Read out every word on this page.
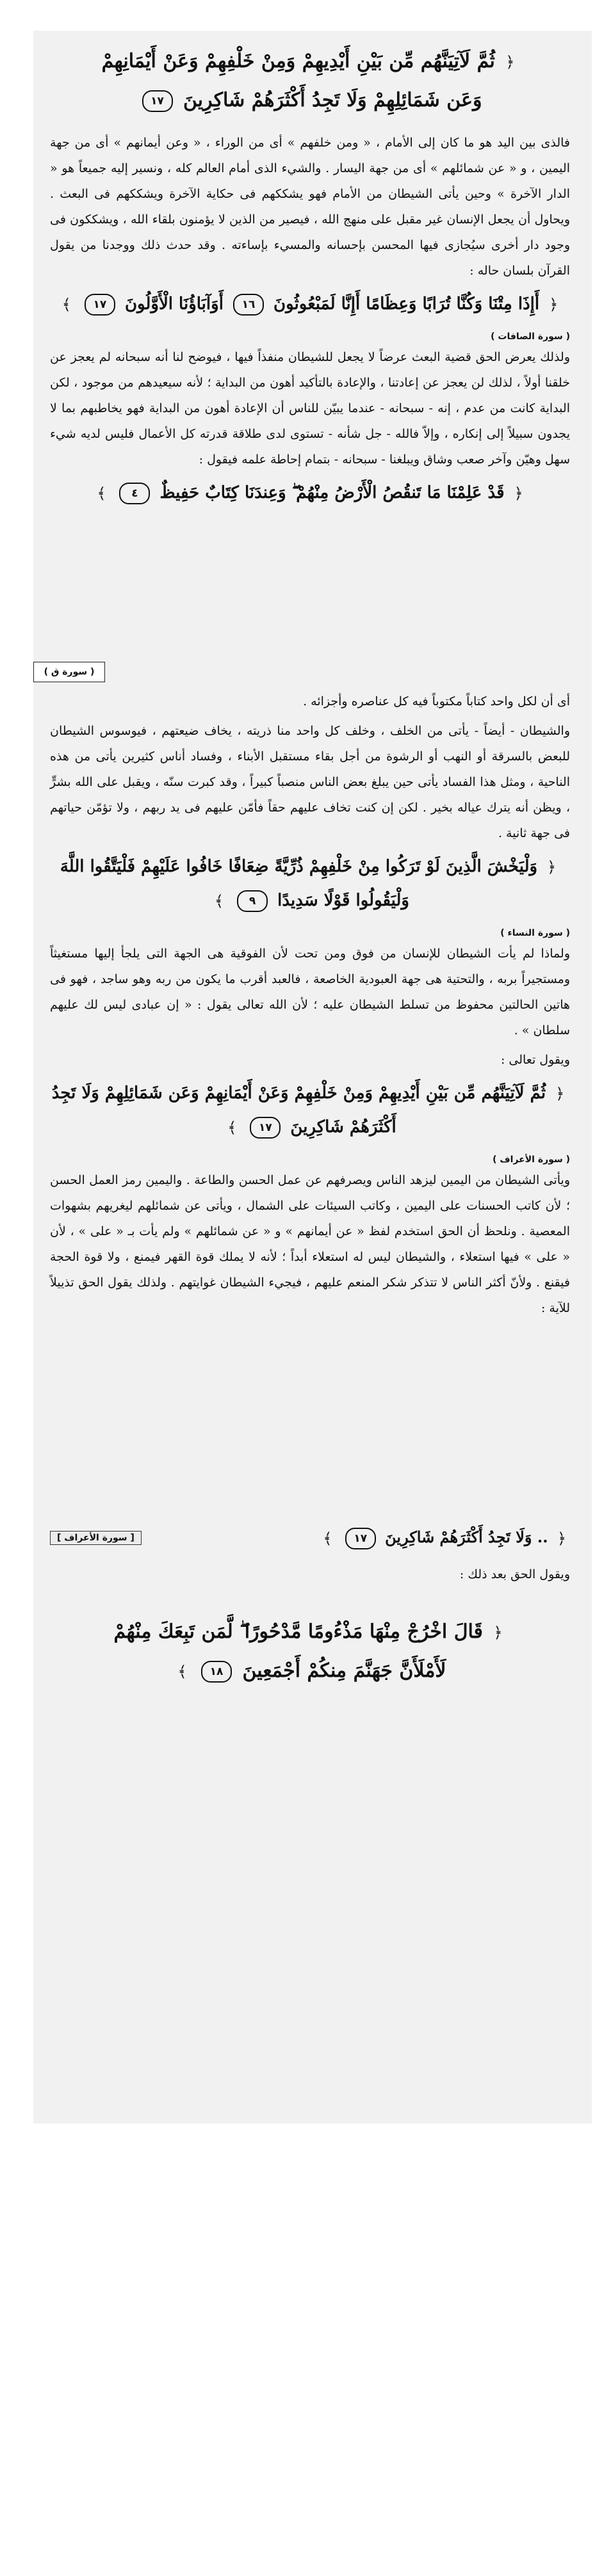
﴿ ثُمَّ لَآتِيَنَّهُم مِّن بَيْنِ أَيْدِيهِمْ وَمِنْ خَلْفِهِمْ وَعَنْ أَيْمَانِهِمْ
وَعَن شَمَائِلِهِمْ وَلَا تَجِدُ أَكْثَرَهُمْ شَاكِرِينَ ١٧

فالذى بين اليد هو ما كان إلى الأمام ، « ومن خلفهم » أى من الوراء ، « وعن أيمانهم » أى من جهة اليمين ، و « عن شمائلهم » أى من جهة اليسار . والشيء الذى أمام العالم كله ، ونسير إليه جميعاً هو « الدار الآخرة » وحين يأتى الشيطان من الأمام فهو يشككهم فى حكاية الآخرة ويشككهم فى البعث . ويحاول أن يجعل الإنسان غير مقبل على منهج الله ، فيصير من الذين لا يؤمنون بلقاء الله ، ويشككون فى وجود دار أخرى سيُجازى فيها المحسن بإحسانه والمسيء بإساءته . وقد حدث ذلك ووجدنا من يقول القرآن بلسان حاله :

﴿ أَإِذَا مِتْنَا وَكُنَّا تُرَابًا وَعِظَامًا أَإِنَّا لَمَبْعُوثُونَ ١٦ أَوَآبَاؤُنَا الْأَوَّلُونَ ١٧ ﴾
( سورة الصافات )

ولذلك يعرض الحق قضية البعث عرضاً لا يجعل للشيطان منفذاً فيها ، فيوضح لنا أنه سبحانه لم يعجز عن خلقنا أولاً ، لذلك لن يعجز عن إعادتنا ، والإعادة بالتأكيد أهون من البداية ؛ لأنه سيعيدهم من موجود ، لكن البداية كانت من عدم ، إنه - سبحانه - عندما يبيّن للناس أن الإعادة أهون من البداية فهو يخاطبهم بما لا يجدون سبيلاً إلى إنكاره ، وإلاّ فالله - جل شأنه - تستوى لدى طلاقة قدرته كل الأعمال فليس لديه شيء سهل وهيّن وآخر صعب وشاق ويبلغنا - سبحانه - بتمام إحاطة علمه فيقول :

﴿ قَدْ عَلِمْنَا مَا تَنقُصُ الْأَرْضُ مِنْهُمْ ۖ وَعِندَنَا كِتَابٌ حَفِيظٌ ٤ ﴾
( سورة ق )

أى أن لكل واحد كتاباً مكتوباً فيه كل عناصره وأجزائه .

والشيطان - أيضاً - يأتى من الخلف ، وخلف كل واحد منا ذريته ، يخاف ضيعتهم ، فيوسوس الشيطان للبعض بالسرقة أو النهب أو الرشوة من أجل بقاء مستقبل الأبناء ، وفساد أناس كثيرين يأتى من هذه الناحية ، ومثل هذا الفساد يأتى حين يبلغ بعض الناس منصباً كبيراً ، وقد كبرت سنّه ، ويقبل على الله بشرٍّ ، ويظن أنه يترك عياله بخير . لكن إن كنت تخاف عليهم حقاً فأمّن عليهم فى يد ربهم ، ولا تؤمّن حياتهم فى جهة ثانية .

﴿ وَلْيَخْشَ الَّذِينَ لَوْ تَرَكُوا مِنْ خَلْفِهِمْ ذُرِّيَّةً ضِعَافًا خَافُوا عَلَيْهِمْ فَلْيَتَّقُوا اللَّهَ وَلْيَقُولُوا قَوْلًا سَدِيدًا ٩ ﴾
( سورة النساء )

ولماذا لم يأت الشيطان للإنسان من فوق ومن تحت لأن الفوقية هى الجهة التى يلجأ إليها مستغيثاً ومستجيراً بربه ، والتحتية هى جهة العبودية الخاصعة ، فالعبد أقرب ما يكون من ربه وهو ساجد ، فهو فى هاتين الحالتين محفوظ من تسلط الشيطان عليه ؛ لأن الله تعالى يقول : « إن عبادى ليس لك عليهم سلطان » .

ويقول تعالى :

﴿ ثُمَّ لَآتِيَنَّهُم مِّن بَيْنِ أَيْدِيهِمْ وَمِنْ خَلْفِهِمْ وَعَنْ أَيْمَانِهِمْ وَعَن شَمَائِلِهِمْ وَلَا تَجِدُ
أَكْثَرَهُمْ شَاكِرِينَ ١٧ ﴾
( سورة الأعراف )

ويأتى الشيطان من اليمين ليزهد الناس ويصرفهم عن عمل الحسن والطاعة . واليمين رمز العمل الحسن ؛ لأن كاتب الحسنات على اليمين ، وكاتب السيئات على الشمال ، ويأتى عن شمائلهم ليغريهم بشهوات المعصية . ونلحظ أن الحق استخدم لفظ « عن أيمانهم » و « عن شمائلهم » ولم يأت بـ « على » ، لأن « على » فيها استعلاء ، والشيطان ليس له استعلاء أبداً ؛ لأنه لا يملك قوة القهر فيمنع ، ولا قوة الحجة فيقنع . ولأنّ أكثر الناس لا تتذكر شكر المنعم عليهم ، فيجيء الشيطان غوايتهم . ولذلك يقول الحق تذييلاً للآية :

﴿ .. وَلَا تَجِدُ أَكْثَرَهُمْ شَاكِرِينَ ١٧ ﴾
[ سورة الأعراف ]

ويقول الحق بعد ذلك :

﴿ قَالَ اخْرُجْ مِنْهَا مَذْءُومًا مَّدْحُورًا ۖ لَّمَن تَبِعَكَ مِنْهُمْ
لَأَمْلَأَنَّ جَهَنَّمَ مِنكُمْ أَجْمَعِينَ ١٨ ﴾
